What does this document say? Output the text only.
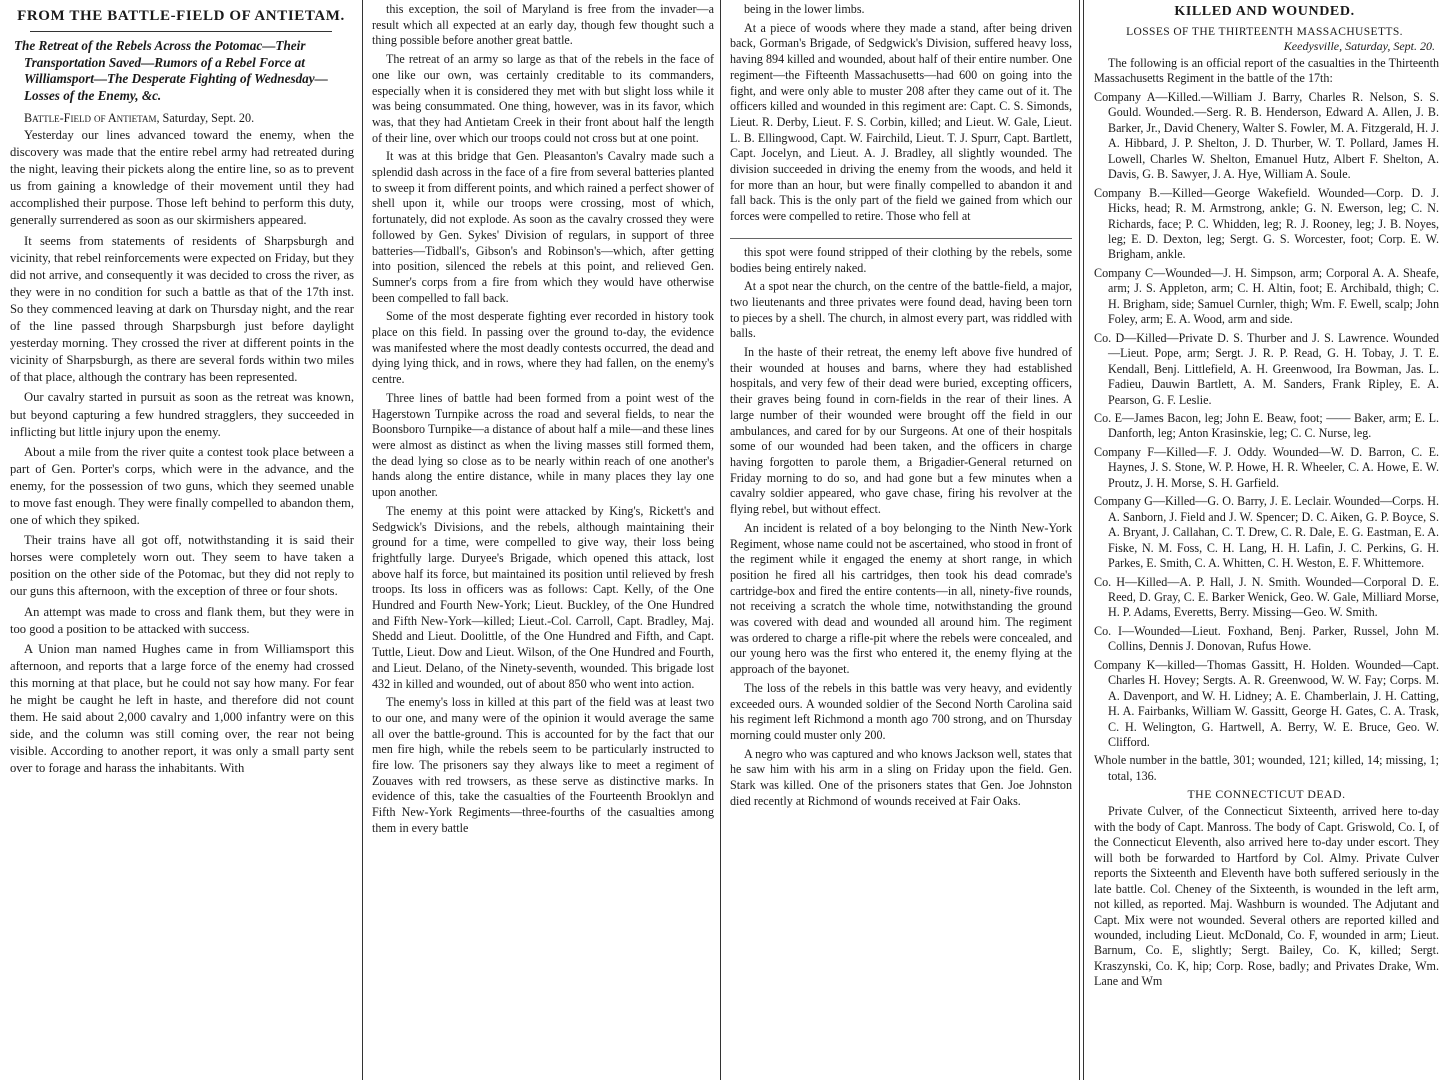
FROM THE BATTLE-FIELD OF ANTIETAM.
The Retreat of the Rebels Across the Potomac—Their Transportation Saved—Rumors of a Rebel Force at Williamsport—The Desperate Fighting of Wednesday—Losses of the Enemy, &c.
Battle-Field of Antietam, Saturday, Sept. 20.

Yesterday our lines advanced toward the enemy, when the discovery was made that the entire rebel army had retreated during the night, leaving their pickets along the entire line, so as to prevent us from gaining a knowledge of their movement until they had accomplished their purpose. Those left behind to perform this duty, generally surrendered as soon as our skirmishers appeared.

It seems from statements of residents of Sharpsburgh and vicinity, that rebel reinforcements were expected on Friday, but they did not arrive, and consequently it was decided to cross the river, as they were in no condition for such a battle as that of the 17th inst. So they commenced leaving at dark on Thursday night, and the rear of the line passed through Sharpsburgh just before daylight yesterday morning. They crossed the river at different points in the vicinity of Sharpsburgh, as there are several fords within two miles of that place, although the contrary has been represented.

Our cavalry started in pursuit as soon as the retreat was known, but beyond capturing a few hundred stragglers, they succeeded in inflicting but little injury upon the enemy.

About a mile from the river quite a contest took place between a part of Gen. Porter's corps, which were in the advance, and the enemy, for the possession of two guns, which they seemed unable to move fast enough. They were finally compelled to abandon them, one of which they spiked.

Their trains have all got off, notwithstanding it is said their horses were completely worn out. They seem to have taken a position on the other side of the Potomac, but they did not reply to our guns this afternoon, with the exception of three or four shots.

An attempt was made to cross and flank them, but they were in too good a position to be attacked with success.

A Union man named Hughes came in from Williamsport this afternoon, and reports that a large force of the enemy had crossed this morning at that place, but he could not say how many. For fear he might be caught he left in haste, and therefore did not count them. He said about 2,000 cavalry and 1,000 infantry were on this side, and the column was still coming over, the rear not being visible. According to another report, it was only a small party sent over to forage and harass the inhabitants. With

this exception, the soil of Maryland is free from the invader—a result which all expected at an early day, though few thought such a thing possible before another great battle.

The retreat of an army so large as that of the rebels in the face of one like our own, was certainly creditable to its commanders, especially when it is considered they met with but slight loss while it was being consummated. One thing, however, was in its favor, which was, that they had Antietam Creek in their front about half the length of their line, over which our troops could not cross but at one point.

It was at this bridge that Gen. Pleasanton's Cavalry made such a splendid dash across in the face of a fire from several batteries planted to sweep it from different points, and which rained a perfect shower of shell upon it, while our troops were crossing, most of which, fortunately, did not explode. As soon as the cavalry crossed they were followed by Gen. Sykes' Division of regulars, in support of three batteries—Tidball's, Gibson's and Robinson's—which, after getting into position, silenced the rebels at this point, and relieved Gen. Sumner's corps from a fire from which they would have otherwise been compelled to fall back.

Some of the most desperate fighting ever recorded in history took place on this field. In passing over the ground to-day, the evidence was manifested where the most deadly contests occurred, the dead and dying lying thick, and in rows, where they had fallen, on the enemy's centre.

Three lines of battle had been formed from a point west of the Hagerstown Turnpike across the road and several fields, to near the Boonsboro Turnpike—a distance of about half a mile—and these lines were almost as distinct as when the living masses still formed them, the dead lying so close as to be nearly within reach of one another's hands along the entire distance, while in many places they lay one upon another.

The enemy at this point were attacked by King's, Rickett's and Sedgwick's Divisions, and the rebels, although maintaining their ground for a time, were compelled to give way, their loss being frightfully large. Duryee's Brigade, which opened this attack, lost above half its force, but maintained its position until relieved by fresh troops. Its loss in officers was as follows: Capt. Kelly, of the One Hundred and Fourth New-York; Lieut. Buckley, of the One Hundred and Fifth New-York—killed; Lieut.-Col. Carroll, Capt. Bradley, Maj. Shedd and Lieut. Doolittle, of the One Hundred and Fifth, and Capt. Tuttle, Lieut. Dow and Lieut. Wilson, of the One Hundred and Fourth, and Lieut. Delano, of the Ninety-seventh, wounded. This brigade lost 432 in killed and wounded, out of about 850 who went into action.

The enemy's loss in killed at this part of the field was at least two to our one, and many were of the opinion it would average the same all over the battle-ground. This is accounted for by the fact that our men fire high, while the rebels seem to be particularly instructed to fire low. The prisoners say they always like to meet a regiment of Zouaves with red trowsers, as these serve as distinctive marks. In evidence of this, take the casualties of the Fourteenth Brooklyn and Fifth New-York Regiments—three-fourths of the casualties among them in every battle

being in the lower limbs.

At a piece of woods where they made a stand, after being driven back, Gorman's Brigade, of Sedgwick's Division, suffered heavy loss, having 894 killed and wounded, about half of their entire number. One regiment—the Fifteenth Massachusetts—had 600 on going into the fight, and were only able to muster 208 after they came out of it. The officers killed and wounded in this regiment are: Capt. C. S. Simonds, Lieut. R. Derby, Lieut. F. S. Corbin, killed; and Lieut. W. Gale, Lieut. L. B. Ellingwood, Capt. W. Fairchild, Lieut. T. J. Spurr, Capt. Bartlett, Capt. Jocelyn, and Lieut. A. J. Bradley, all slightly wounded. The division succeeded in driving the enemy from the woods, and held it for more than an hour, but were finally compelled to abandon it and fall back. This is the only part of the field we gained from which our forces were compelled to retire. Those who fell at

this spot were found stripped of their clothing by the rebels, some bodies being entirely naked.

At a spot near the church, on the centre of the battle-field, a major, two lieutenants and three privates were found dead, having been torn to pieces by a shell. The church, in almost every part, was riddled with balls.

In the haste of their retreat, the enemy left above five hundred of their wounded at houses and barns, where they had established hospitals, and very few of their dead were buried, excepting officers, their graves being found in corn-fields in the rear of their lines. A large number of their wounded were brought off the field in our ambulances, and cared for by our Surgeons. At one of their hospitals some of our wounded had been taken, and the officers in charge having forgotten to parole them, a Brigadier-General returned on Friday morning to do so, and had gone but a few minutes when a cavalry soldier appeared, who gave chase, firing his revolver at the flying rebel, but without effect.

An incident is related of a boy belonging to the Ninth New-York Regiment, whose name could not be ascertained, who stood in front of the regiment while it engaged the enemy at short range, in which position he fired all his cartridges, then took his dead comrade's cartridge-box and fired the entire contents—in all, ninety-five rounds, not receiving a scratch the whole time, notwithstanding the ground was covered with dead and wounded all around him. The regiment was ordered to charge a rifle-pit where the rebels were concealed, and our young hero was the first who entered it, the enemy flying at the approach of the bayonet.

The loss of the rebels in this battle was very heavy, and evidently exceeded ours. A wounded soldier of the Second North Carolina said his regiment left Richmond a month ago 700 strong, and on Thursday morning could muster only 200.

A negro who was captured and who knows Jackson well, states that he saw him with his arm in a sling on Friday upon the field. Gen. Stark was killed. One of the prisoners states that Gen. Joe Johnston died recently at Richmond of wounds received at Fair Oaks.

KILLED AND WOUNDED.
LOSSES OF THE THIRTEENTH MASSACHUSETTS.
Keedysville, Saturday, Sept. 20.

The following is an official report of the casualties in the Thirteenth Massachusetts Regiment in the battle of the 17th:

Company A—Killed.—William J. Barry, Charles R. Nelson, S. S. Gould. Wounded.—Serg. R. B. Henderson, Edward A. Allen, J. B. Barker, Jr., David Chenery, Walter S. Fowler, M. A. Fitzgerald, H. J. A. Hibbard, J. P. Shelton, J. D. Thurber, W. T. Pollard, James H. Lowell, Charles W. Shelton, Emanuel Hutz, Albert F. Shelton, A. Davis, G. B. Sawyer, J. A. Hye, William A. Soule.

Company B.—Killed—George Wakefield. Wounded—Corp. D. J. Hicks, head; R. M. Armstrong, ankle; G. N. Ewerson, leg; C. N. Richards, face; P. C. Whidden, leg; R. J. Rooney, leg; J. B. Noyes, leg; E. D. Dexton, leg; Sergt. G. S. Worcester, foot; Corp. E. W. Brigham, ankle.

Company C—Wounded—J. H. Simpson, arm; Corporal A. A. Sheafe, arm; J. S. Appleton, arm; C. H. Altin, foot; E. Archibald, thigh; C. H. Brigham, side; Samuel Curnler, thigh; Wm. F. Ewell, scalp; John Foley, arm; E. A. Wood, arm and side.

Co. D—Killed—Private D. S. Thurber and J. S. Lawrence. Wounded—Lieut. Pope, arm; Sergt. J. R. P. Read, G. H. Tobay, J. T. E. Kendall, Benj. Littlefield, A. H. Greenwood, Ira Bowman, Jas. L. Fadieu, Dauwin Bartlett, A. M. Sanders, Frank Ripley, E. A. Pearson, G. F. Leslie.

Co. E—James Bacon, leg; John E. Beaw, foot; —— Baker, arm; E. L. Danforth, leg; Anton Krasinskie, leg; C. C. Nurse, leg.

Company F—Killed—F. J. Oddy. Wounded—W. D. Barron, C. E. Haynes, J. S. Stone, W. P. Howe, H. R. Wheeler, C. A. Howe, E. W. Proutz, J. H. Morse, S. H. Garfield.

Company G—Killed—G. O. Barry, J. E. Leclair. Wounded—Corps. H. A. Sanborn, J. Field and J. W. Spencer; D. C. Aiken, G. P. Boyce, S. A. Bryant, J. Callahan, C. T. Drew, C. R. Dale, E. G. Eastman, E. A. Fiske, N. M. Foss, C. H. Lang, H. H. Lafin, J. C. Perkins, G. H. Parkes, E. Smith, C. A. Whitten, C. H. Weston, E. F. Whittemore.

Co. H—Killed—A. P. Hall, J. N. Smith. Wounded—Corporal D. E. Reed, D. Gray, C. E. Barker Wenick, Geo. W. Gale, Milliard Morse, H. P. Adams, Everetts, Berry. Missing—Geo. W. Smith.

Co. I—Wounded—Lieut. Foxhand, Benj. Parker, Russel, John M. Collins, Dennis J. Donovan, Rufus Howe.

Company K—killed—Thomas Gassitt, H. Holden. Wounded—Capt. Charles H. Hovey; Sergts. A. R. Greenwood, W. W. Fay; Corps. M. A. Davenport, and W. H. Lidney; A. E. Chamberlain, J. H. Catting, H. A. Fairbanks, William W. Gassitt, George H. Gates, C. A. Trask, C. H. Welington, G. Hartwell, A. Berry, W. E. Bruce, Geo. W. Clifford.

Whole number in the battle, 301; wounded, 121; killed, 14; missing, 1; total, 136.

THE CONNECTICUT DEAD.

Private Culver, of the Connecticut Sixteenth, arrived here to-day with the body of Capt. Manross. The body of Capt. Griswold, Co. I, of the Connecticut Eleventh, also arrived here to-day under escort. They will both be forwarded to Hartford by Col. Almy. Private Culver reports the Sixteenth and Eleventh have both suffered seriously in the late battle. Col. Cheney of the Sixteenth, is wounded in the left arm, not killed, as reported. Maj. Washburn is wounded. The Adjutant and Capt. Mix were not wounded. Several others are reported killed and wounded, including Lieut. McDonald, Co. F, wounded in arm; Lieut. Barnum, Co. E, slightly; Sergt. Bailey, Co. K, killed; Sergt. Kraszynski, Co. K, hip; Corp. Rose, badly; and Privates Drake, Wm. Lane and Wm
